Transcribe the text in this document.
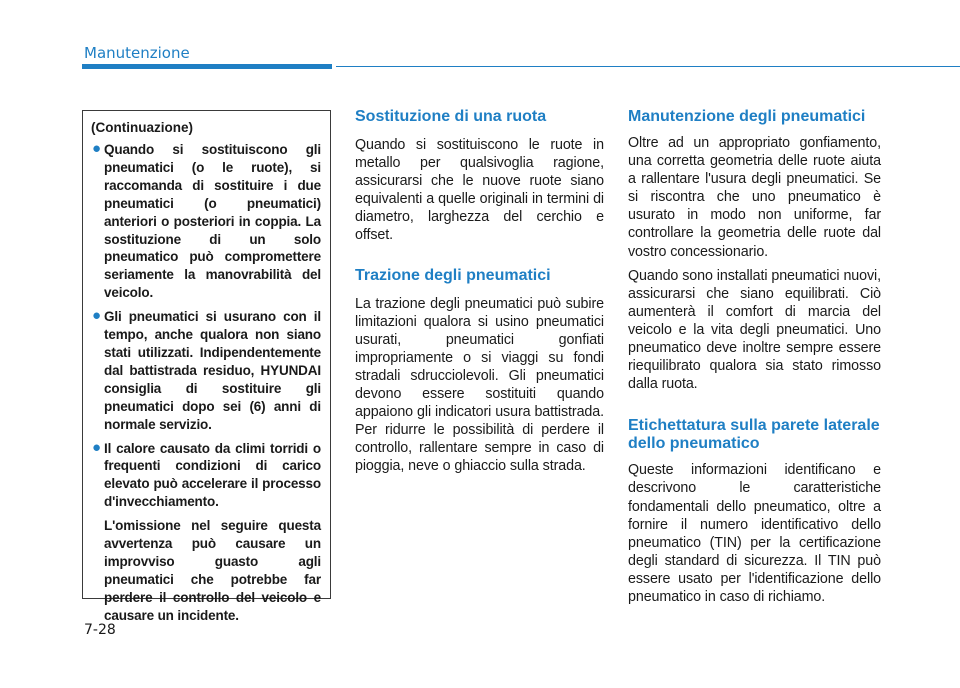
Manutenzione
(Continuazione)
● Quando si sostituiscono gli pneumatici (o le ruote), si raccomanda di sostituire i due pneumatici (o pneumatici) anteriori o posteriori in coppia. La sostituzione di un solo pneumatico può compromettere seriamente la manovrabilità del veicolo.
● Gli pneumatici si usurano con il tempo, anche qualora non siano stati utilizzati. Indipendentemente dal battistrada residuo, HYUNDAI consiglia di sostituire gli pneumatici dopo sei (6) anni di normale servizio.
● Il calore causato da climi torridi o frequenti condizioni di carico elevato può accelerare il processo d'invecchiamento.

L'omissione nel seguire questa avvertenza può causare un improvviso guasto agli pneumatici che potrebbe far perdere il controllo del veicolo e causare un incidente.

Sostituzione di una ruota

Quando si sostituiscono le ruote in metallo per qualsivoglia ragione, assicurarsi che le nuove ruote siano equivalenti a quelle originali in termini di diametro, larghezza del cerchio e offset.

Trazione degli pneumatici

La trazione degli pneumatici può subire limitazioni qualora si usino pneumatici usurati, pneumatici gonfiati impropriamente o si viaggi su fondi stradali sdrucciolevoli. Gli pneumatici devono essere sostituiti quando appaiono gli indicatori usura battistrada. Per ridurre le possibilità di perdere il controllo, rallentare sempre in caso di pioggia, neve o ghiaccio sulla strada.

Manutenzione degli pneumatici

Oltre ad un appropriato gonfiamento, una corretta geometria delle ruote aiuta a rallentare l'usura degli pneumatici. Se si riscontra che uno pneumatico è usurato in modo non uniforme, far controllare la geometria delle ruote dal vostro concessionario.

Quando sono installati pneumatici nuovi, assicurarsi che siano equilibrati. Ciò aumenterà il comfort di marcia del veicolo e la vita degli pneumatici. Uno pneumatico deve inoltre sempre essere riequilibrato qualora sia stato rimosso dalla ruota.

Etichettatura sulla parete laterale dello pneumatico

Queste informazioni identificano e descrivono le caratteristiche fondamentali dello pneumatico, oltre a fornire il numero identificativo dello pneumatico (TIN) per la certificazione degli standard di sicurezza. Il TIN può essere usato per l'identificazione dello pneumatico in caso di richiamo.

7-28
